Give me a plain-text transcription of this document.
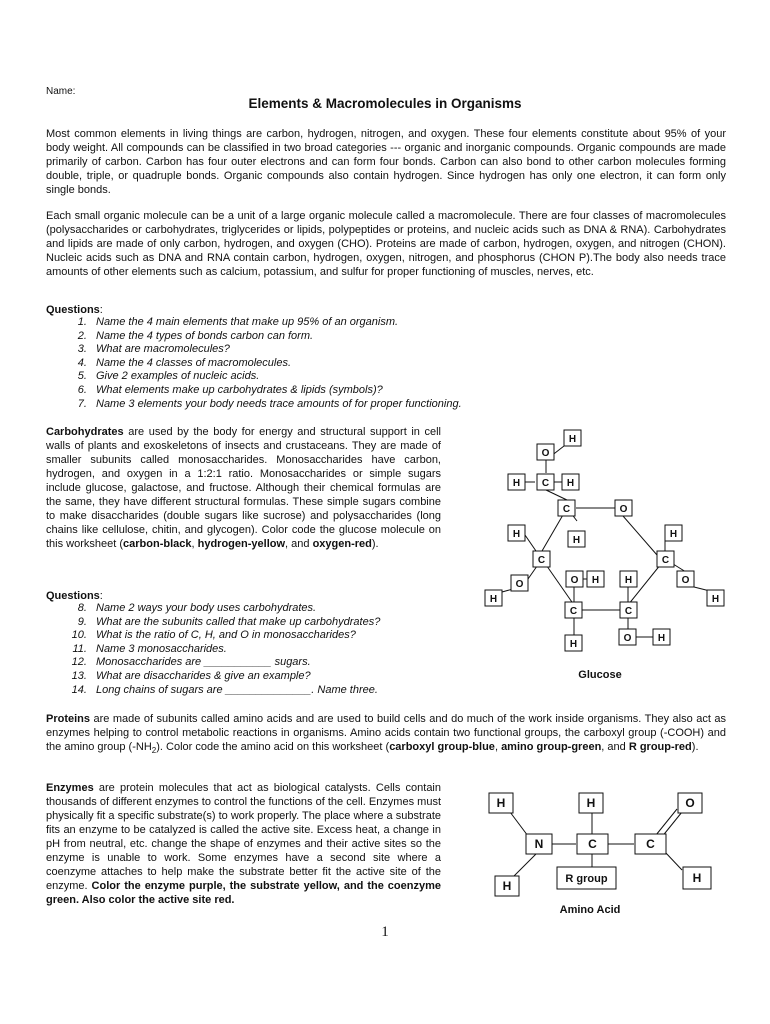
Name:
Elements & Macromolecules in Organisms
Most common elements in living things are carbon, hydrogen, nitrogen, and oxygen. These four elements constitute about 95% of your body weight. All compounds can be classified in two broad categories --- organic and inorganic compounds. Organic compounds are made primarily of carbon. Carbon has four outer electrons and can form four bonds. Carbon can also bond to other carbon molecules forming double, triple, or quadruple bonds. Organic compounds also contain hydrogen. Since hydrogen has only one electron, it can form only single bonds.
Each small organic molecule can be a unit of a large organic molecule called a macromolecule. There are four classes of macromolecules (polysaccharides or carbohydrates, triglycerides or lipids, polypeptides or proteins, and nucleic acids such as DNA & RNA). Carbohydrates and lipids are made of only carbon, hydrogen, and oxygen (CHO). Proteins are made of carbon, hydrogen, oxygen, and nitrogen (CHON). Nucleic acids such as DNA and RNA contain carbon, hydrogen, oxygen, nitrogen, and phosphorus (CHON P).The body also needs trace amounts of other elements such as calcium, potassium, and sulfur for proper functioning of muscles, nerves, etc.
Questions:
1. Name the 4 main elements that make up 95% of an organism.
2. Name the 4 types of bonds carbon can form.
3. What are macromolecules?
4. Name the 4 classes of macromolecules.
5. Give 2 examples of nucleic acids.
6. What elements make up carbohydrates & lipids (symbols)?
7. Name 3 elements your body needs trace amounts of for proper functioning.
Carbohydrates are used by the body for energy and structural support in cell walls of plants and exoskeletons of insects and crustaceans. They are made of smaller subunits called monosaccharides. Monosaccharides have carbon, hydrogen, and oxygen in a 1:2:1 ratio. Monosaccharides or simple sugars include glucose, galactose, and fructose. Although their chemical formulas are the same, they have different structural formulas. These simple sugars combine to make disaccharides (double sugars like sucrose) and polysaccharides (long chains like cellulose, chitin, and glycogen). Color code the glucose molecule on this worksheet (carbon-black, hydrogen-yellow, and oxygen-red).
Questions:
8. Name 2 ways your body uses carbohydrates.
9. What are the subunits called that make up carbohydrates?
10. What is the ratio of C, H, and O in monosaccharides?
11. Name 3 monosaccharides.
12. Monosaccharides are ___________ sugars.
13. What are disaccharides & give an example?
14. Long chains of sugars are ______________. Name three.
H
O
H C H
C	O
H
H
H
C	C
O	O H	H	O
H	H
C	C
O	H
H
Glucose
Proteins are made of subunits called amino acids and are used to build cells and do much of the work inside organisms. They also act as enzymes helping to control metabolic reactions in organisms. Amino acids contain two functional groups, the carboxyl group (-COOH) and the amino group $(-NH_2)$. Color code the amino acid on this worksheet (carboxyl group-blue, amino group-green, and R group-red).
Enzymes are protein molecules that act as biological catalysts. Cells contain thousands of different enzymes to control the functions of the cell. Enzymes must physically fit a specific substrate(s) to work properly. The place where a substrate fits an enzyme to be catalyzed is called the active site. Excess heat, a change in pH from neutral, etc. change the shape of enzymes and their active sites so the enzyme is unable to work. Some enzymes have a second site where a coenzyme attaches to help make the substrate better fit the active site of the enzyme. Color the enzyme purple, the substrate yellow, and the coenzyme green. Also color the active site red.
H	H	O
N	C	C
R group	H
H
Amino Acid
1
